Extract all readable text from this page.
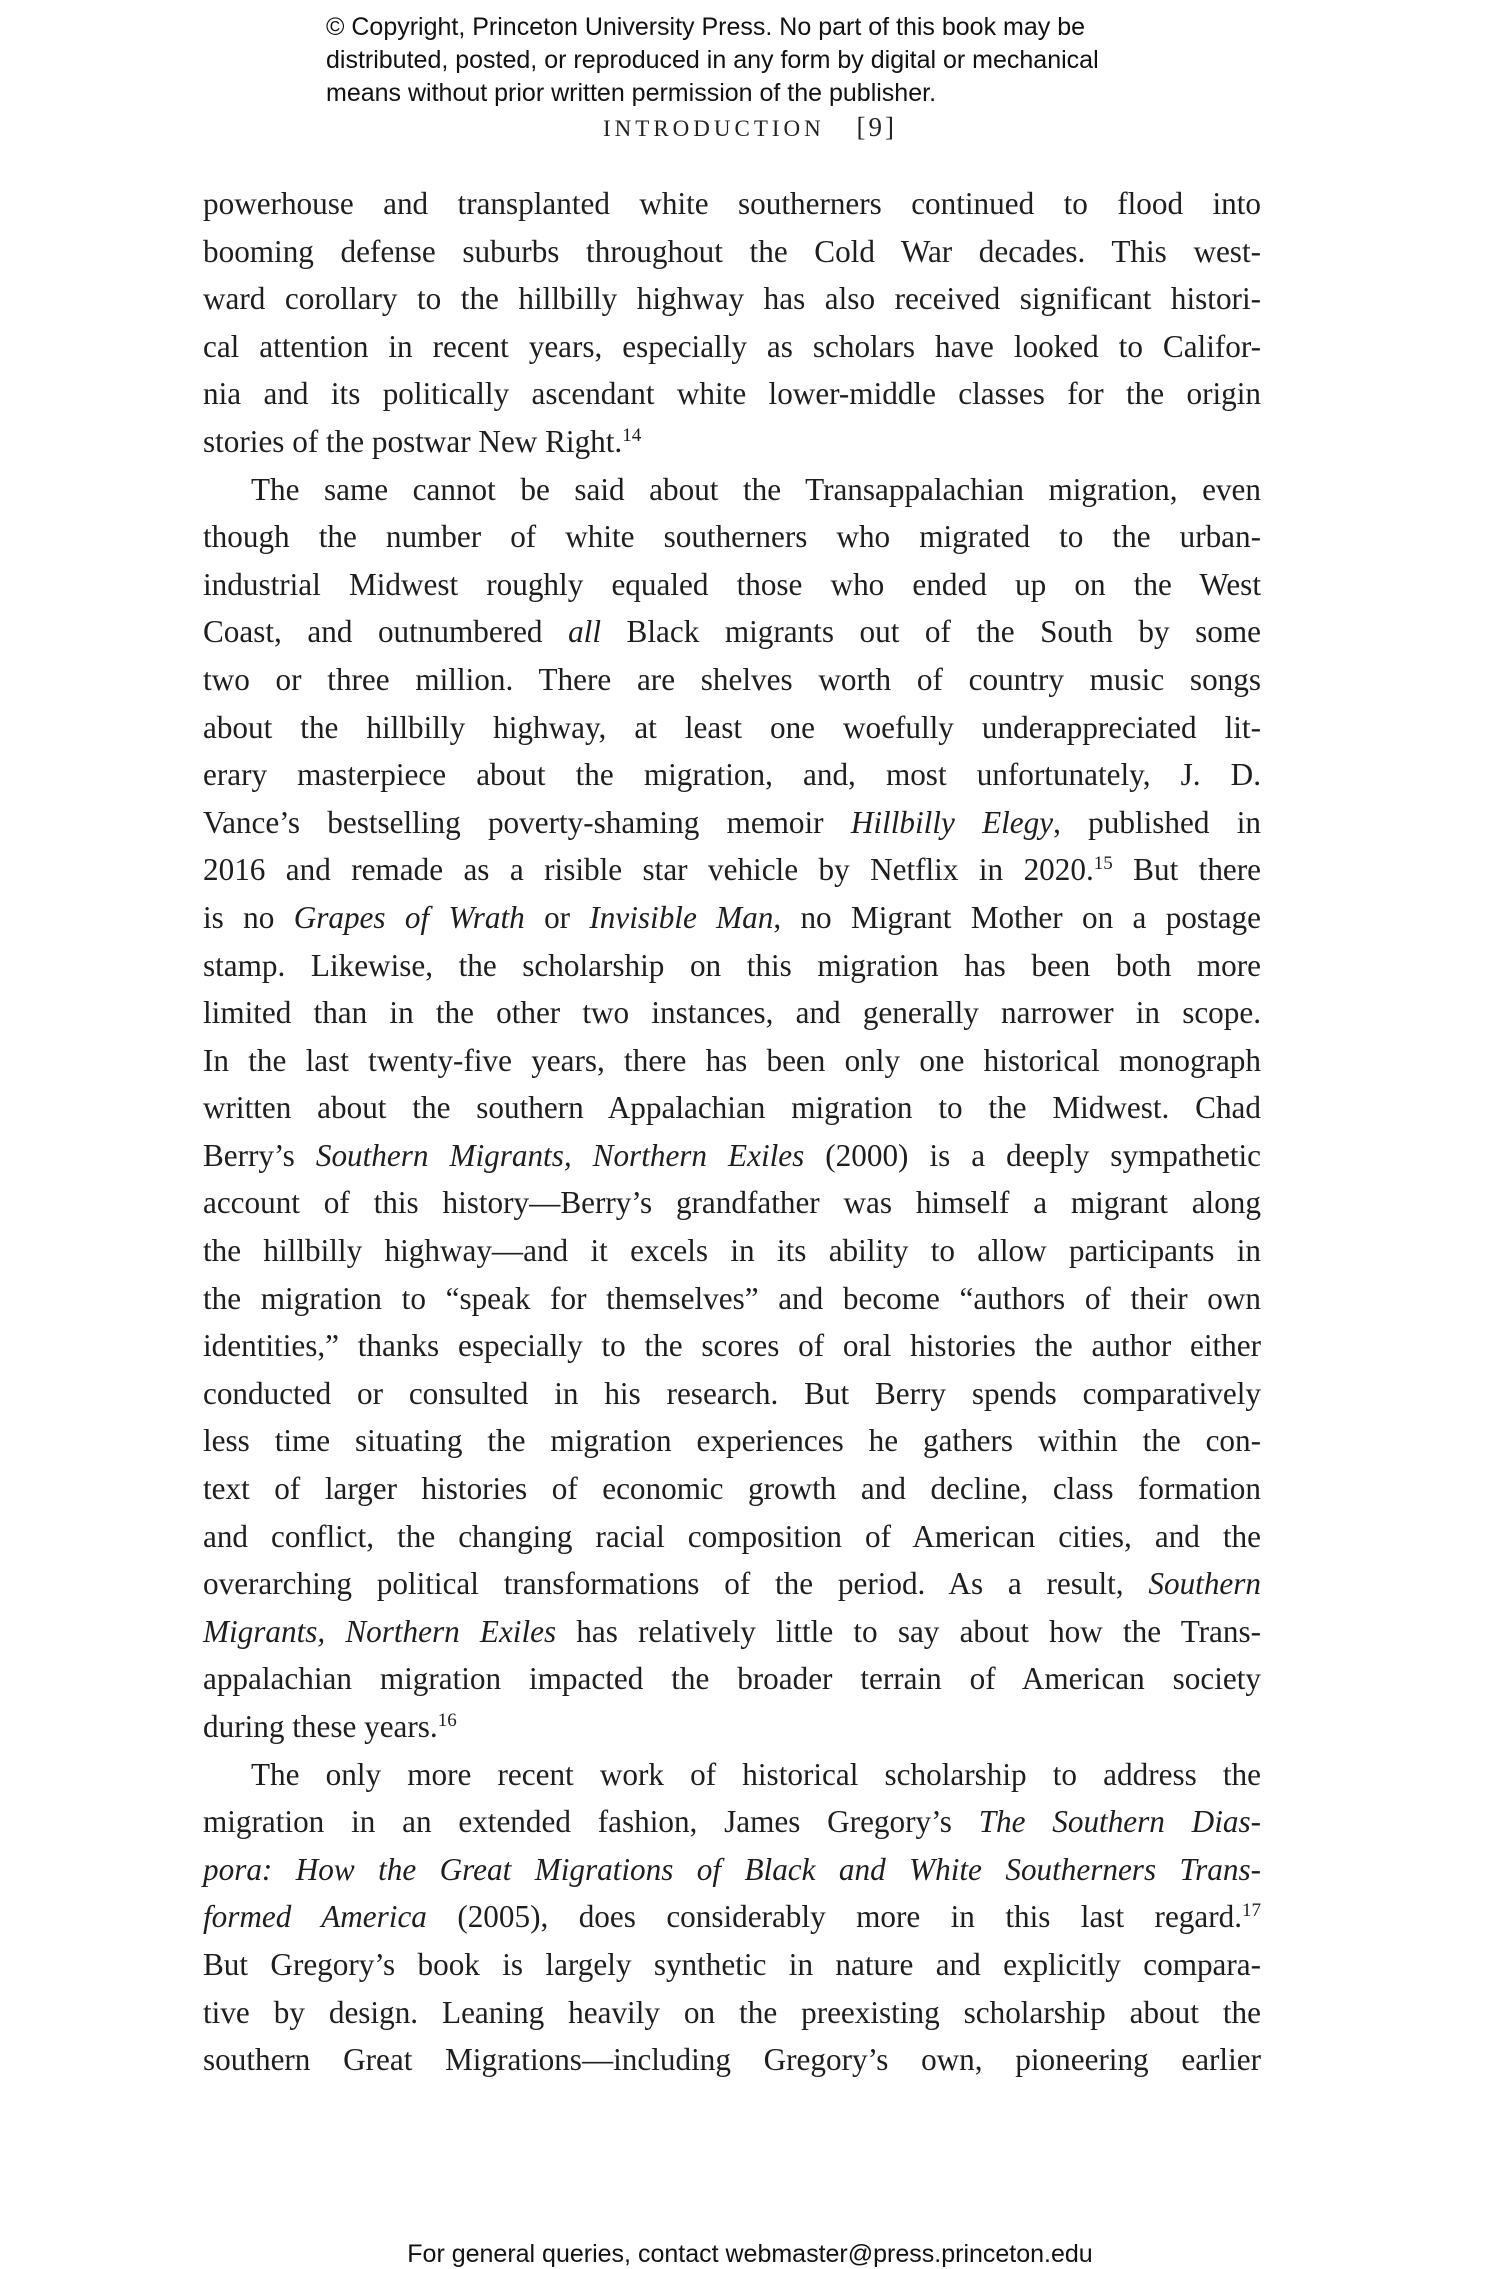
© Copyright, Princeton University Press. No part of this book may be
distributed, posted, or reproduced in any form by digital or mechanical
means without prior written permission of the publisher.
INTRODUCTION [9]
powerhouse and transplanted white southerners continued to flood into
booming defense suburbs throughout the Cold War decades. This west-
ward corollary to the hillbilly highway has also received significant histori-
cal attention in recent years, especially as scholars have looked to Califor-
nia and its politically ascendant white lower-middle classes for the origin
stories of the postwar New Right.$^{14}$
The same cannot be said about the Transappalachian migration, even
though the number of white southerners who migrated to the urban-
industrial Midwest roughly equaled those who ended up on the West
Coast, and outnumbered all Black migrants out of the South by some
two or three million. There are shelves worth of country music songs
about the hillbilly highway, at least one woefully underappreciated lit-
erary masterpiece about the migration, and, most unfortunately, J. D.
Vance’s bestselling poverty-shaming memoir Hillbilly Elegy, published in
2016 and remade as a risible star vehicle by Netflix in 2020.15 But there
is no Grapes of Wrath or Invisible Man, no Migrant Mother on a postage
stamp. Likewise, the scholarship on this migration has been both more
limited than in the other two instances, and generally narrower in scope.
In the last twenty-five years, there has been only one historical monograph
written about the southern Appalachian migration to the Midwest. Chad
Berry’s Southern Migrants, Northern Exiles (2000) is a deeply sympathetic
account of this history—Berry’s grandfather was himself a migrant along
the hillbilly highway—and it excels in its ability to allow participants in
the migration to “speak for themselves” and become “authors of their own
identities,” thanks especially to the scores of oral histories the author either
conducted or consulted in his research. But Berry spends comparatively
less time situating the migration experiences he gathers within the con-
text of larger histories of economic growth and decline, class formation
and conflict, the changing racial composition of American cities, and the
overarching political transformations of the period. As a result, Southern
Migrants, Northern Exiles has relatively little to say about how the Trans-
appalachian migration impacted the broader terrain of American society
during these years.$^{16}$
The only more recent work of historical scholarship to address the
migration in an extended fashion, James Gregory’s The Southern Dias-
pora: How the Great Migrations of Black and White Southerners Trans-
formed America (2005), does considerably more in this last regard.$^{17}$
But Gregory’s book is largely synthetic in nature and explicitly compara-
tive by design. Leaning heavily on the preexisting scholarship about the
southern Great Migrations—including Gregory’s own, pioneering earlier
For general queries, contact webmaster@press.princeton.edu
